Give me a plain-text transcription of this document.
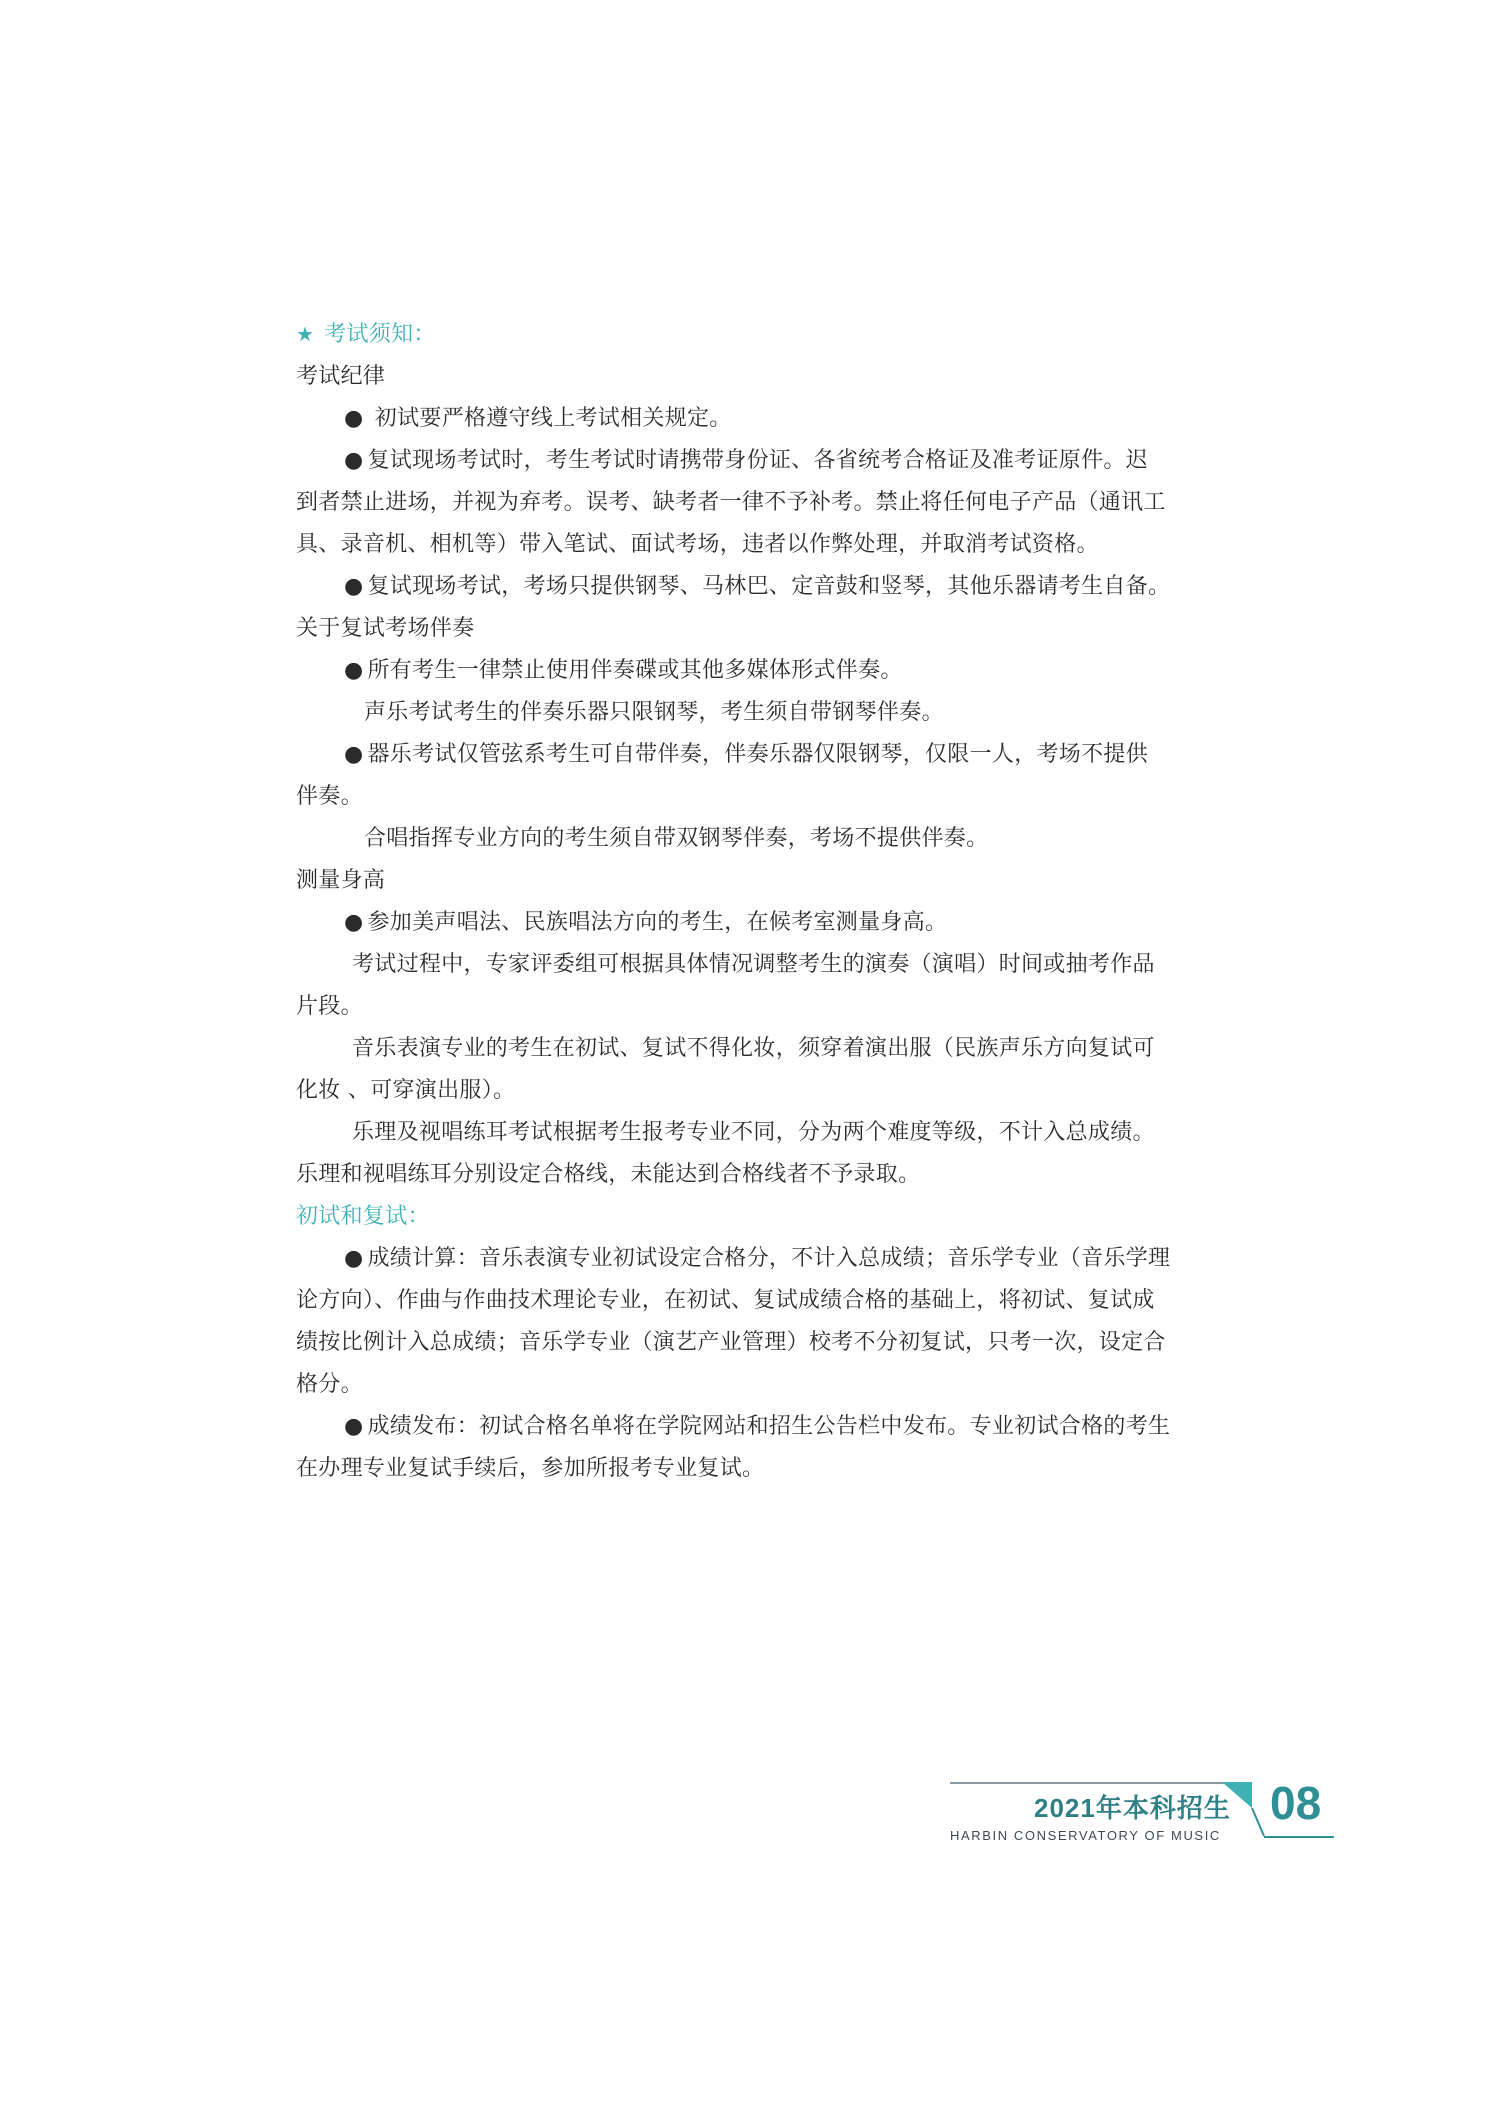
★ 考试须知：
考试纪律
● 初试要严格遵守线上考试相关规定。
● 复试现场考试时，考生考试时请携带身份证、各省统考合格证及准考证原件。迟
到者禁止进场，并视为弃考。误考、缺考者一律不予补考。禁止将任何电子产品（通讯工
具、录音机、相机等）带入笔试、面试考场，违者以作弊处理，并取消考试资格。
● 复试现场考试，考场只提供钢琴、马林巴、定音鼓和竖琴，其他乐器请考生自备。
关于复试考场伴奏
● 所有考生一律禁止使用伴奏碟或其他多媒体形式伴奏。
声乐考试考生的伴奏乐器只限钢琴，考生须自带钢琴伴奏。
● 器乐考试仅管弦系考生可自带伴奏，伴奏乐器仅限钢琴，仅限一人，考场不提供
伴奏。
合唱指挥专业方向的考生须自带双钢琴伴奏，考场不提供伴奏。
测量身高
● 参加美声唱法、民族唱法方向的考生，在候考室测量身高。
考试过程中，专家评委组可根据具体情况调整考生的演奏（演唱）时间或抽考作品
片段。
音乐表演专业的考生在初试、复试不得化妆，须穿着演出服（民族声乐方向复试可
化妆 、可穿演出服）。
乐理及视唱练耳考试根据考生报考专业不同，分为两个难度等级，不计入总成绩。
乐理和视唱练耳分别设定合格线，未能达到合格线者不予录取。
初试和复试：
● 成绩计算：音乐表演专业初试设定合格分，不计入总成绩；音乐学专业（音乐学理
论方向）、作曲与作曲技术理论专业，在初试、复试成绩合格的基础上，将初试、复试成
绩按比例计入总成绩；音乐学专业（演艺产业管理）校考不分初复试，只考一次，设定合
格分。
● 成绩发布：初试合格名单将在学院网站和招生公告栏中发布。专业初试合格的考生
在办理专业复试手续后，参加所报考专业复试。
2021年本科招生
HARBIN CONSERVATORY OF MUSIC
08
